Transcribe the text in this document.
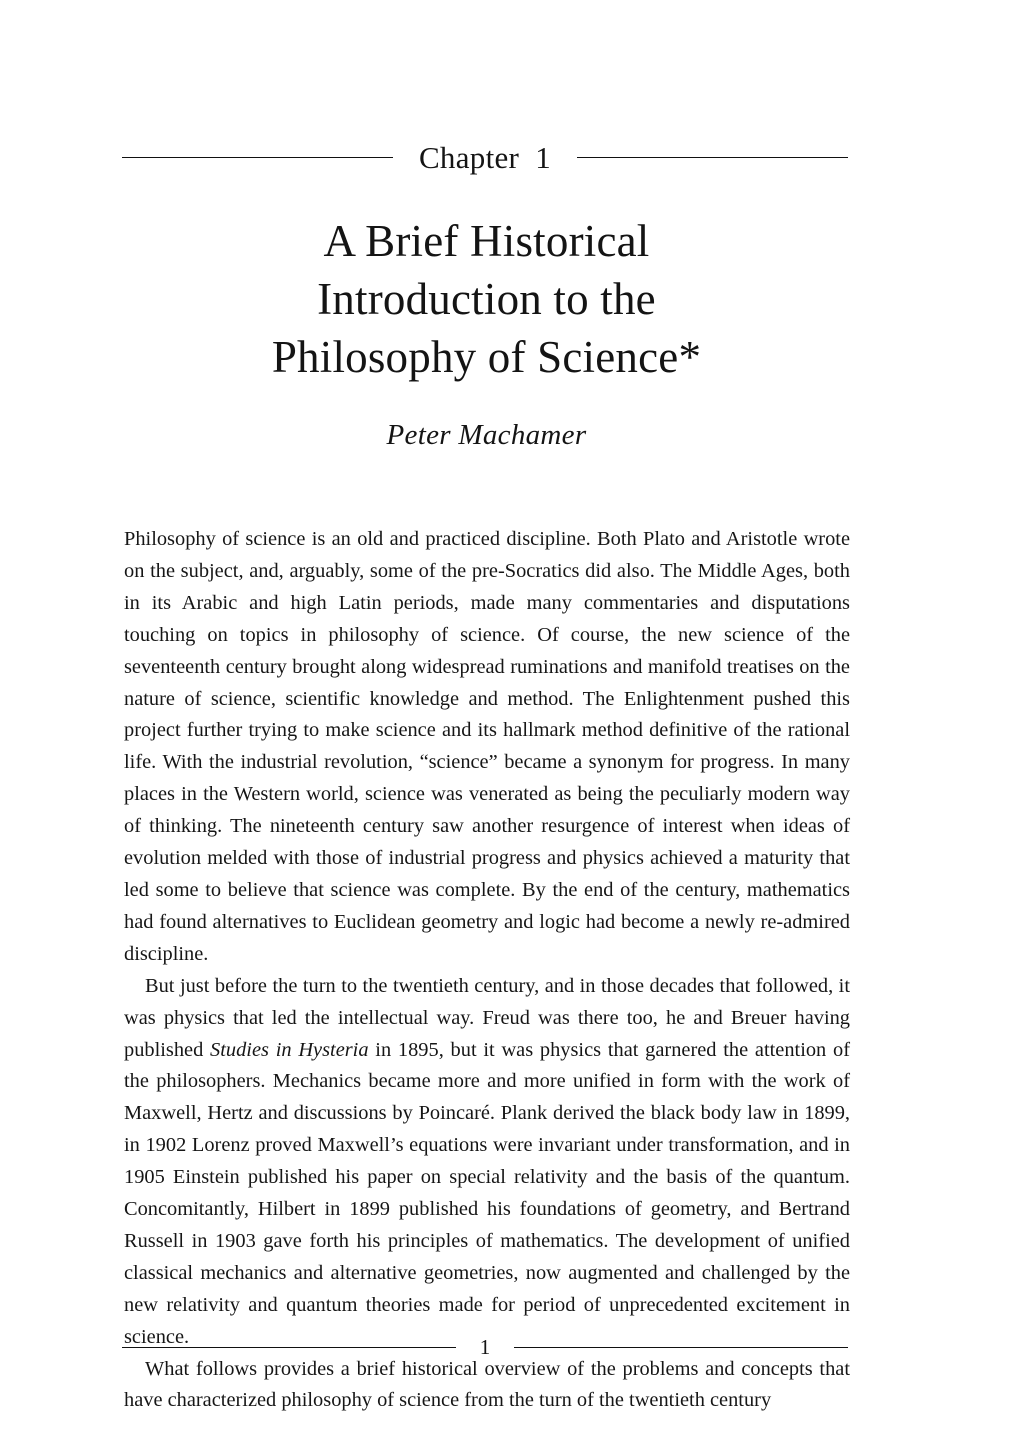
Chapter  1
A Brief Historical
Introduction to the
Philosophy of Science*

Peter Machamer

Philosophy of science is an old and practiced discipline. Both Plato and Aristotle wrote on the subject, and, arguably, some of the pre-Socratics did also. The Middle Ages, both in its Arabic and high Latin periods, made many commentaries and disputations touching on topics in philosophy of science. Of course, the new science of the seventeenth century brought along widespread ruminations and manifold treatises on the nature of science, scientific knowledge and method. The Enlightenment pushed this project further trying to make science and its hallmark method definitive of the rational life. With the industrial revolution, “science” became a synonym for progress. In many places in the Western world, science was venerated as being the peculiarly modern way of thinking. The nineteenth century saw another resurgence of interest when ideas of evolution melded with those of industrial progress and physics achieved a maturity that led some to believe that science was complete. By the end of the century, mathematics had found alternatives to Euclidean geometry and logic had become a newly re-admired discipline.

But just before the turn to the twentieth century, and in those decades that followed, it was physics that led the intellectual way. Freud was there too, he and Breuer having published Studies in Hysteria in 1895, but it was physics that garnered the attention of the philosophers. Mechanics became more and more unified in form with the work of Maxwell, Hertz and discussions by Poincaré. Plank derived the black body law in 1899, in 1902 Lorenz proved Maxwell’s equations were invariant under transformation, and in 1905 Einstein published his paper on special relativity and the basis of the quantum. Concomitantly, Hilbert in 1899 published his foundations of geometry, and Bertrand Russell in 1903 gave forth his principles of mathematics. The development of unified classical mechanics and alternative geometries, now augmented and challenged by the new relativity and quantum theories made for period of unprecedented excitement in science.

What follows provides a brief historical overview of the problems and concepts that have characterized philosophy of science from the turn of the twentieth century

1
